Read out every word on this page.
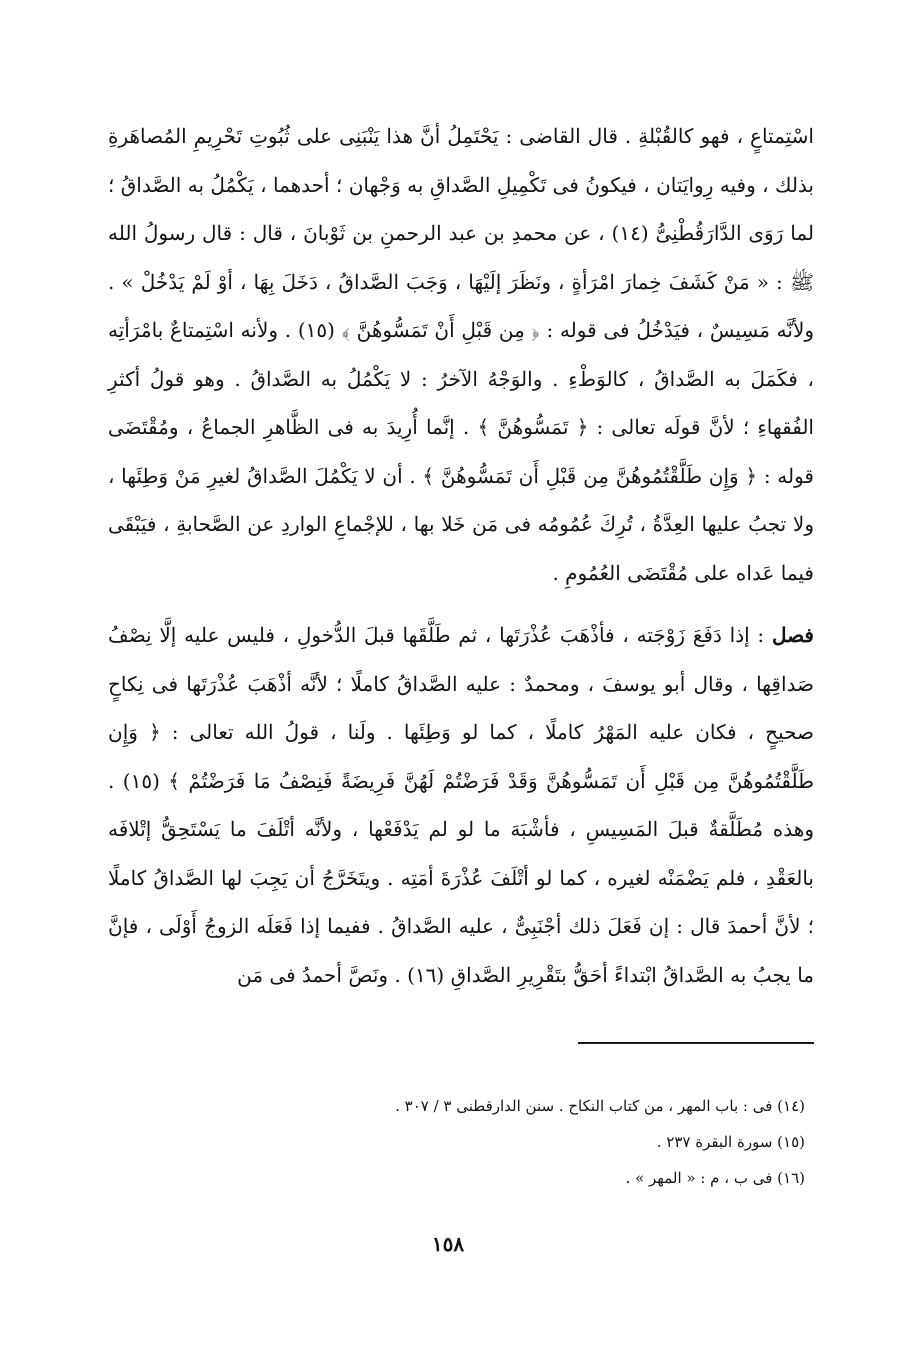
اسْتِمتاعٍ ، فهو كالقُبْلةِ . قال القاضى : يَحْتَمِلُ أنَّ هذا يَنْبَنِى على ثُبُوتِ تَحْرِيمِ المُصاهَرةِ بذلك ، وفيه رِوايَتان ، فيكونُ فى تَكْمِيلِ الصَّداقِ به وَجْهان ؛ أحدهما ، يَكْمُلُ به الصَّداقُ ؛ لما رَوَى الدَّارَقُطْنِىُّ (١٤) ، عن محمدِ بن عبد الرحمنِ بن ثَوْبانَ ، قال : قال رسولُ الله ﷺ : « مَنْ كَشَفَ خِمارَ امْرَأةٍ ، ونَظَرَ إلَيْهَا ، وَجَبَ الصَّداقُ ، دَخَلَ بِهَا ، أوْ لَمْ يَدْخُلْ » . ولأنَّه مَسِيسٌ ، فيَدْخُلُ فى قوله : ﴿ مِن قَبْلِ أَنْ تَمَسُّوهُنَّ ﴾ (١٥) . ولأنه اسْتِمتاعٌ بامْرَأتِه ، فكَمَلَ به الصَّداقُ ، كالوَطْءِ . والوَجْهُ الآخرُ : لا يَكْمُلُ به الصَّداقُ . وهو قولُ أكثرِ الفُقهاءِ ؛ لأنَّ قولَه تعالى : ﴿ تَمَسُّوهُنَّ ﴾ . إنَّما أُرِيدَ به فى الظَّاهرِ الجماعُ ، ومُقْتَضَى قوله : ﴿ وَإِن طَلَّقْتُمُوهُنَّ مِن قَبْلِ أَن تَمَسُّوهُنَّ ﴾ . أن لا يَكْمُلَ الصَّداقُ لغيرِ مَنْ وَطِئَها ، ولا تجبُ عليها العِدَّةُ ، تُرِكَ عُمُومُه فى مَن خَلا بها ، للإجْماعِ الواردِ عن الصَّحابةِ ، فيَبْقَى فيما عَداه على مُقْتَضَى العُمُومِ .

فصل : إذا دَفَعَ زَوْجَته ، فأذْهَبَ عُذْرَتَها ، ثم طَلَّقَها قبلَ الدُّخولِ ، فليس عليه إلَّا نِصْفُ صَداقِها ، وقال أبو يوسفَ ، ومحمدٌ : عليه الصَّداقُ كاملًا ؛ لأنَّه أذْهَبَ عُذْرَتَها فى نِكاحٍ صحيحٍ ، فكان عليه المَهْرُ كاملًا ، كما لو وَطِئَها . ولَنا ، قولُ الله تعالى : ﴿ وَإِن طَلَّقْتُمُوهُنَّ مِن قَبْلِ أَن تَمَسُّوهُنَّ وَقَدْ فَرَضْتُمْ لَهُنَّ فَرِيضَةً فَنِصْفُ مَا فَرَضْتُمْ ﴾ (١٥) . وهذه مُطَلَّقةٌ قبلَ المَسِيسِ ، فأشْبَهَ ما لو لم يَدْفَعْها ، ولأنَّه أتْلَفَ ما يَسْتَحِقُّ إتْلافَه بالعَقْدِ ، فلم يَضْمَنْه لغيره ، كما لو أتْلَفَ عُذْرَةَ أمَتِه . ويتَخَرَّجُ أن يَجِبَ لها الصَّداقُ كاملًا ؛ لأنَّ أحمدَ قال : إن فَعَلَ ذلك أجْنَبِىٌّ ، عليه الصَّداقُ . ففيما إذا فَعَلَه الزوجُ أَوْلَى ، فإنَّ ما يجبُ به الصَّداقُ ابْتداءً أحَقُّ بتَقْرِيرِ الصَّداقِ (١٦) . ونَصَّ أحمدُ فى مَن

(١٤) فى : باب المهر ، من كتاب النكاح . سنن الدارقطنى ٣ / ٣٠٧ .
(١٥) سورة البقرة ٢٣٧ .
(١٦) فى ب ، م : « المهر » .
١٥٨
